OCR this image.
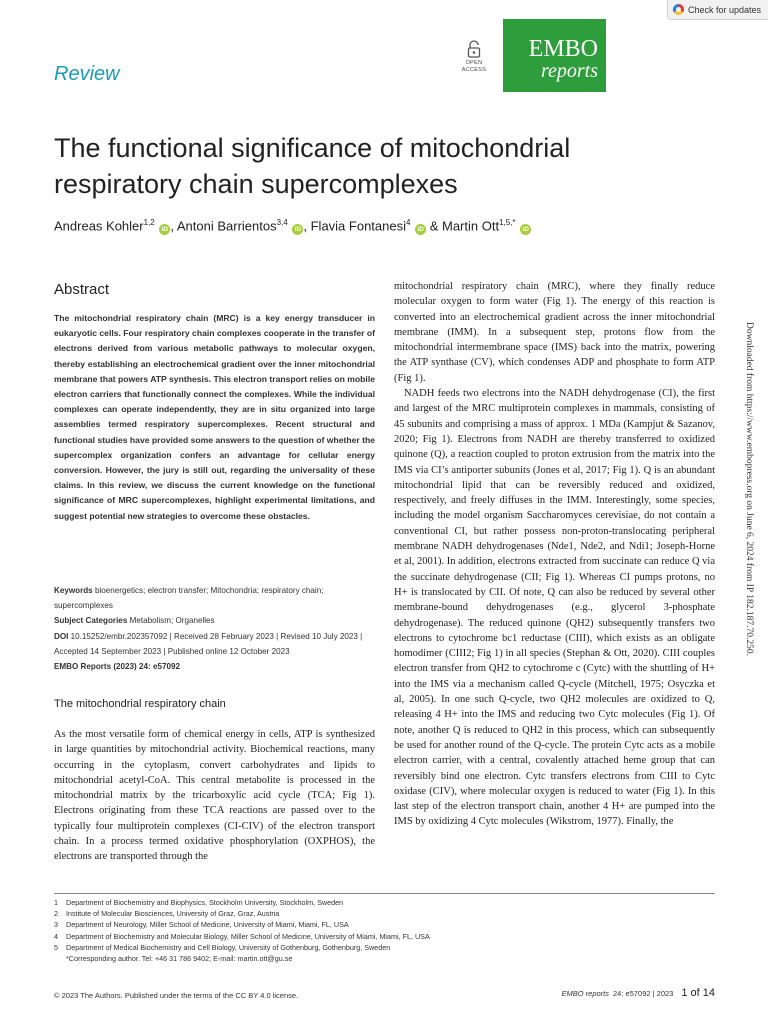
Check for updates
Review	OPEN ACCESS
EMBO
reports
The functional significance of mitochondrial respiratory chain supercomplexes
Andreas Kohler$^{1,2}$ iD , Antoni Barrientos$^{3,4}$ iD , Flavia Fontanesi$^4$ iD & Martin Ott$^{1,5,*}$ iD
Abstract

The mitochondrial respiratory chain (MRC) is a key energy transducer in eukaryotic cells. Four respiratory chain complexes cooperate in the transfer of electrons derived from various metabolic pathways to molecular oxygen, thereby establishing an electrochemical gradient over the inner mitochondrial membrane that powers ATP synthesis. This electron transport relies on mobile electron carriers that functionally connect the complexes. While the individual complexes can operate independently, they are in situ organized into large assemblies termed respiratory supercomplexes. Recent structural and functional studies have provided some answers to the question of whether the supercomplex organization confers an advantage for cellular energy conversion. However, the jury is still out, regarding the universality of these claims. In this review, we discuss the current knowledge on the functional significance of MRC supercomplexes, highlight experimental limitations, and suggest potential new strategies to overcome these obstacles.

Keywords bioenergetics; electron transfer; Mitochondria; respiratory chain; supercomplexes
Subject Categories Metabolism; Organelles
DOI 10.15252/embr.202357092 | Received 28 February 2023 | Revised 10 July 2023 | Accepted 14 September 2023 | Published online 12 October 2023
EMBO Reports (2023) 24: e57092
The mitochondrial respiratory chain

As the most versatile form of chemical energy in cells, ATP is synthesized in large quantities by mitochondrial activity. Biochemical reactions, many occurring in the cytoplasm, convert carbohydrates and lipids to mitochondrial acetyl-CoA. This central metabolite is processed in the mitochondrial matrix by the tricarboxylic acid cycle (TCA; Fig 1). Electrons originating from these TCA reactions are passed over to the typically four multiprotein complexes (CI-CIV) of the electron transport chain. In a process termed oxidative phosphorylation (OXPHOS), the electrons are transported through the

mitochondrial respiratory chain (MRC), where they finally reduce molecular oxygen to form water (Fig 1). The energy of this reaction is converted into an electrochemical gradient across the inner mitochondrial membrane (IMM). In a subsequent step, protons flow from the mitochondrial intermembrane space (IMS) back into the matrix, powering the ATP synthase (CV), which condenses ADP and phosphate to form ATP (Fig 1).

NADH feeds two electrons into the NADH dehydrogenase (CI), the first and largest of the MRC multiprotein complexes in mammals, consisting of 45 subunits and comprising a mass of approx. 1 MDa (Kampjut & Sazanov, 2020; Fig 1). Electrons from NADH are thereby transferred to oxidized quinone (Q), a reaction coupled to proton extrusion from the matrix into the IMS via CI’s antiporter subunits (Jones et al, 2017; Fig 1). Q is an abundant mitochondrial lipid that can be reversibly reduced and oxidized, respectively, and freely diffuses in the IMM. Interestingly, some species, including the model organism Saccharomyces cerevisiae, do not contain a conventional CI, but rather possess non-proton-translocating peripheral membrane NADH dehydrogenases (Nde1, Nde2, and Ndi1; Joseph-Horne et al, 2001). In addition, electrons extracted from succinate can reduce Q via the succinate dehydrogenase (CII; Fig 1). Whereas CI pumps protons, no H+ is translocated by CII. Of note, Q can also be reduced by several other membrane-bound dehydrogenases (e.g., glycerol 3-phosphate dehydrogenase). The reduced quinone (QH2) subsequently transfers two electrons to cytochrome bc1 reductase (CIII), which exists as an obligate homodimer (CIII2; Fig 1) in all species (Stephan & Ott, 2020). CIII couples electron transfer from QH2 to cytochrome c (Cytc) with the shuttling of H+ into the IMS via a mechanism called Q-cycle (Mitchell, 1975; Osyczka et al, 2005). In one such Q-cycle, two QH2 molecules are oxidized to Q, releasing 4 H+ into the IMS and reducing two Cytc molecules (Fig 1). Of note, another Q is reduced to QH2 in this process, which can subsequently be used for another round of the Q-cycle. The protein Cytc acts as a mobile electron carrier, with a central, covalently attached heme group that can reversibly bind one electron. Cytc transfers electrons from CIII to Cytc oxidase (CIV), where molecular oxygen is reduced to water (Fig 1). In this last step of the electron transport chain, another 4 H+ are pumped into the IMS by oxidizing 4 Cytc molecules (Wikstrom, 1977). Finally, the

Downloaded from https://www.embopress.org on June 6, 2024 from IP 182.187.70.250.
1	Department of Biochemistry and Biophysics, Stockholm University, Stockholm, Sweden
2	Institute of Molecular Biosciences, University of Graz, Graz, Austria
3	Department of Neurology, Miller School of Medicine, University of Miami, Miami, FL, USA
4	Department of Biochemistry and Molecular Biology, Miller School of Medicine, University of Miami, Miami, FL, USA
5	Department of Medical Biochemistry and Cell Biology, University of Gothenburg, Gothenburg, Sweden
*Corresponding author. Tel: +46 31 786 9402; E-mail: martin.ott@gu.se
© 2023 The Authors. Published under the terms of the CC BY 4.0 license.	EMBO reports 24: e57092 | 2023 1 of 14
